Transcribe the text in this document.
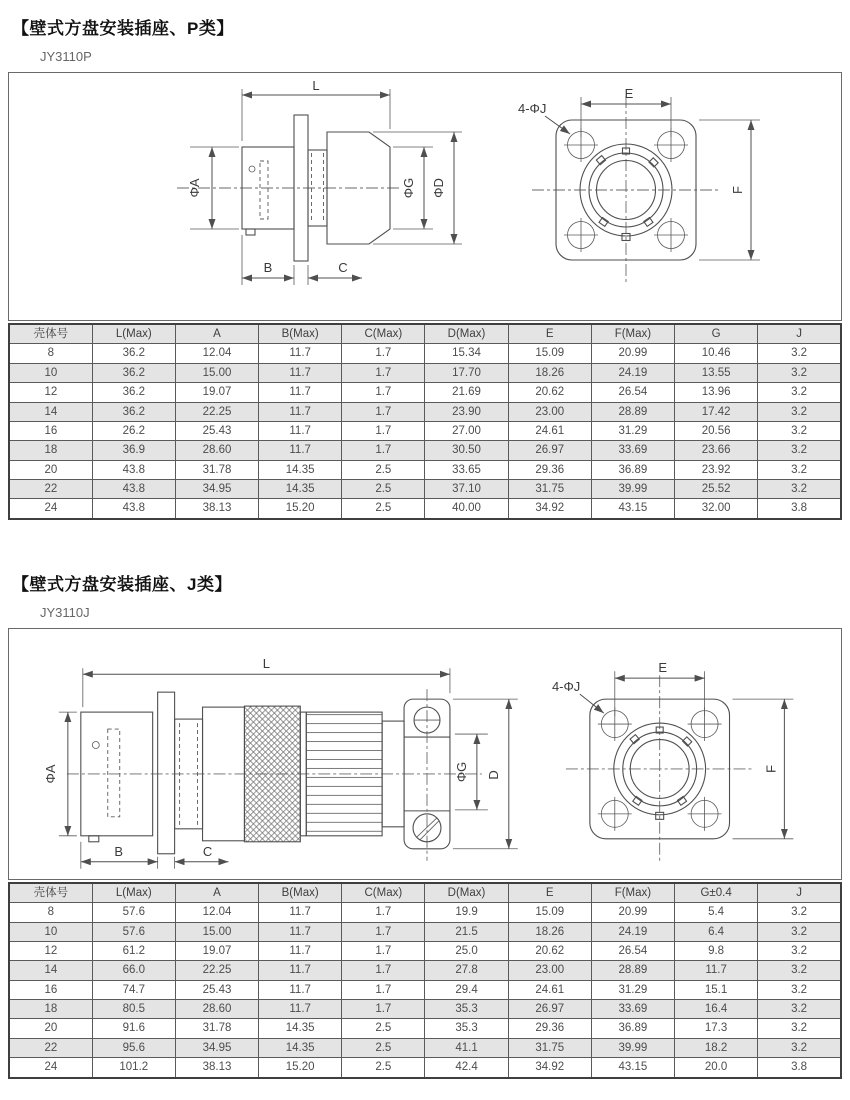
【壁式方盘安装插座、P类】
JY3110P
L
ΦA	ΦG ΦD
B	C
E
F
4-ΦJ
壳体号	L(Max)	A	B(Max)	C(Max)	D(Max)	E	F(Max)	G	J
8	36.2	12.04	11.7	1.7	15.34	15.09	20.99	10.46	3.2
10	36.2	15.00	11.7	1.7	17.70	18.26	24.19	13.55	3.2
12	36.2	19.07	11.7	1.7	21.69	20.62	26.54	13.96	3.2
14	36.2	22.25	11.7	1.7	23.90	23.00	28.89	17.42	3.2
16	26.2	25.43	11.7	1.7	27.00	24.61	31.29	20.56	3.2
18	36.9	28.60	11.7	1.7	30.50	26.97	33.69	23.66	3.2
20	43.8	31.78	14.35	2.5	33.65	29.36	36.89	23.92	3.2
22	43.8	34.95	14.35	2.5	37.10	31.75	39.99	25.52	3.2
24	43.8	38.13	15.20	2.5	40.00	34.92	43.15	32.00	3.8
【壁式方盘安装插座、J类】
JY3110J
L
ΦA	ΦG D
B	C
E
F
4-ΦJ
壳体号	L(Max)	A	B(Max)	C(Max)	D(Max)	E	F(Max)	G±0.4	J
8	57.6	12.04	11.7	1.7	19.9	15.09	20.99	5.4	3.2
10	57.6	15.00	11.7	1.7	21.5	18.26	24.19	6.4	3.2
12	61.2	19.07	11.7	1.7	25.0	20.62	26.54	9.8	3.2
14	66.0	22.25	11.7	1.7	27.8	23.00	28.89	11.7	3.2
16	74.7	25.43	11.7	1.7	29.4	24.61	31.29	15.1	3.2
18	80.5	28.60	11.7	1.7	35.3	26.97	33.69	16.4	3.2
20	91.6	31.78	14.35	2.5	35.3	29.36	36.89	17.3	3.2
22	95.6	34.95	14.35	2.5	41.1	31.75	39.99	18.2	3.2
24	101.2	38.13	15.20	2.5	42.4	34.92	43.15	20.0	3.8
